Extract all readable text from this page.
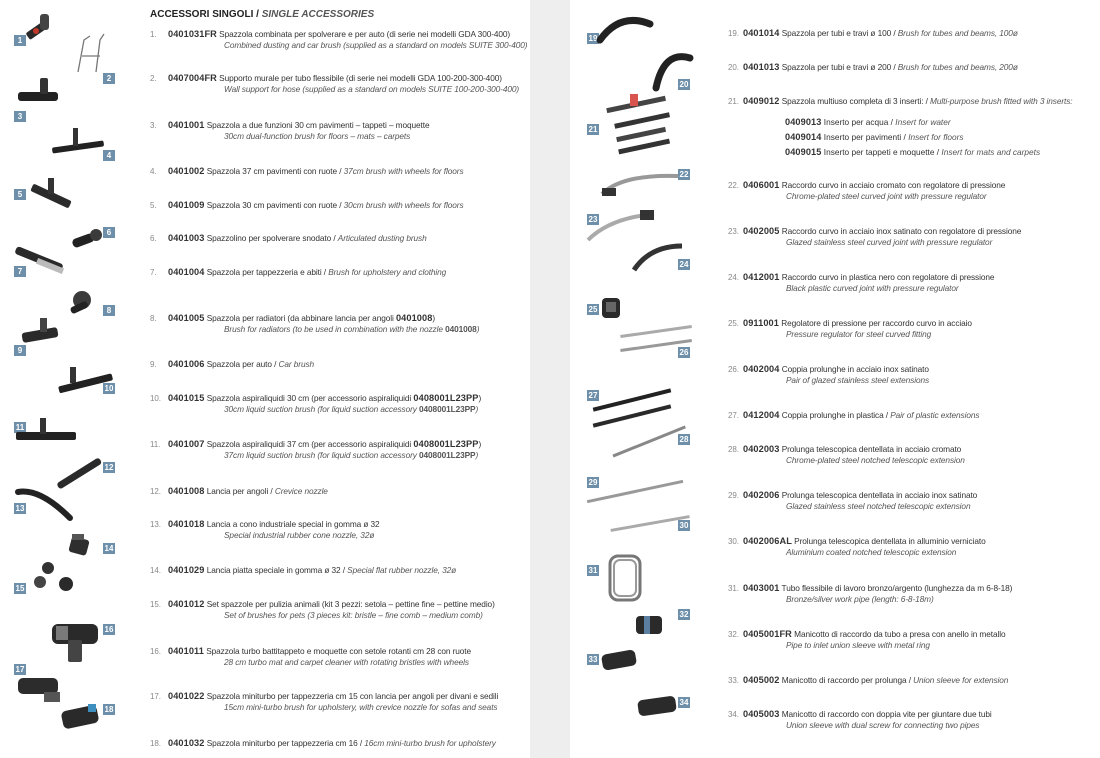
ACCESSORI SINGOLI / SINGLE ACCESSORIES
1. 0401031FR Spazzola combinata per spolverare e per auto (di serie nei modelli GDA 300-400)
Combined dusting and car brush (supplied as a standard on models SUITE 300-400)
2. 0407004FR Supporto murale per tubo flessibile (di serie nei modelli GDA 100-200-300-400)
Wall support for hose (supplied as a standard on models SUITE 100-200-300-400)
3. 0401001 Spazzola a due funzioni 30 cm pavimenti – tappeti – moquette
30cm dual-function brush for floors – mats – carpets
4. 0401002 Spazzola 37 cm pavimenti con ruote / 37cm brush with wheels for floors
5. 0401009 Spazzola 30 cm pavimenti con ruote / 30cm brush with wheels for floors
6. 0401003 Spazzolino per spolverare snodato / Articulated dusting brush
7. 0401004 Spazzola per tappezzeria e abiti / Brush for upholstery and clothing
8. 0401005 Spazzola per radiatori (da abbinare lancia per angoli 0401008)
Brush for radiators (to be used in combination with the nozzle 0401008)
9. 0401006 Spazzola per auto / Car brush
10. 0401015 Spazzola aspiraliquidi 30 cm (per accessorio aspiraliquidi 0408001L23PP)
30cm liquid suction brush (for liquid suction accessory 0408001L23PP)
11. 0401007 Spazzola aspiraliquidi 37 cm (per accessorio aspiraliquidi 0408001L23PP)
37cm liquid suction brush (for liquid suction accessory 0408001L23PP)
12. 0401008 Lancia per angoli / Crevice nozzle
13. 0401018 Lancia a cono industriale special in gomma ø 32
Special industrial rubber cone nozzle, 32ø
14. 0401029 Lancia piatta speciale in gomma ø 32 / Special flat rubber nozzle, 32ø
15. 0401012 Set spazzole per pulizia animali (kit 3 pezzi: setola – pettine fine – pettine medio)
Set of brushes for pets (3 pieces kit: bristle – fine comb – medium comb)
16. 0401011 Spazzola turbo battitappeto e moquette con setole rotanti cm 28 con ruote
28 cm turbo mat and carpet cleaner with rotating bristles with wheels
17. 0401022 Spazzola miniturbo per tappezzeria cm 15 con lancia per angoli per divani e sedili
15cm mini-turbo brush for upholstery, with crevice nozzle for sofas and seats
18. 0401032 Spazzola miniturbo per tappezzeria cm 16 / 16cm mini-turbo brush for upholstery
1
2
3
4
5
6
7
8
9
10
11
12
13
14
15
16
17
18
19. 0401014 Spazzola per tubi e travi ø 100 / Brush for tubes and beams, 100ø
20. 0401013 Spazzola per tubi e travi ø 200 / Brush for tubes and beams, 200ø
21. 0409012 Spazzola multiuso completa di 3 inserti: / Multi-purpose brush fitted with 3 inserts:
22. 0406001 Raccordo curvo in acciaio cromato con regolatore di pressione
Chrome-plated steel curved joint with pressure regulator
23. 0402005 Raccordo curvo in acciaio inox satinato con regolatore di pressione
Glazed stainless steel curved joint with pressure regulator
24. 0412001 Raccordo curvo in plastica nero con regolatore di pressione
Black plastic curved joint with pressure regulator
25. 0911001 Regolatore di pressione per raccordo curvo in acciaio
Pressure regulator for steel curved fitting
26. 0402004 Coppia prolunghe in acciaio inox satinato
Pair of glazed stainless steel extensions
27. 0412004 Coppia prolunghe in plastica / Pair of plastic extensions
28. 0402003 Prolunga telescopica dentellata in acciaio cromato
Chrome-plated steel notched telescopic extension
29. 0402006 Prolunga telescopica dentellata in acciaio inox satinato
Glazed stainless steel notched telescopic extension
30. 0402006AL Prolunga telescopica dentellata in alluminio verniciato
Aluminium coated notched telescopic extension
31. 0403001 Tubo flessibile di lavoro bronzo/argento (lunghezza da m 6-8-18)
Bronze/silver work pipe (length: 6-8-18m)
32. 0405001FR Manicotto di raccordo da tubo a presa con anello in metallo
Pipe to inlet union sleeve with metal ring
33. 0405002 Manicotto di raccordo per prolunga / Union sleeve for extension
34. 0405003 Manicotto di raccordo con doppia vite per giuntare due tubi
Union sleeve with dual screw for connecting two pipes
0409013 Inserto per acqua / Insert for water
0409014 Inserto per pavimenti / Insert for floors
0409015 Inserto per tappeti e moquette / Insert for mats and carpets
19
20
21
22
23
24
25
26
27
28
29
30
31
32
33
34
